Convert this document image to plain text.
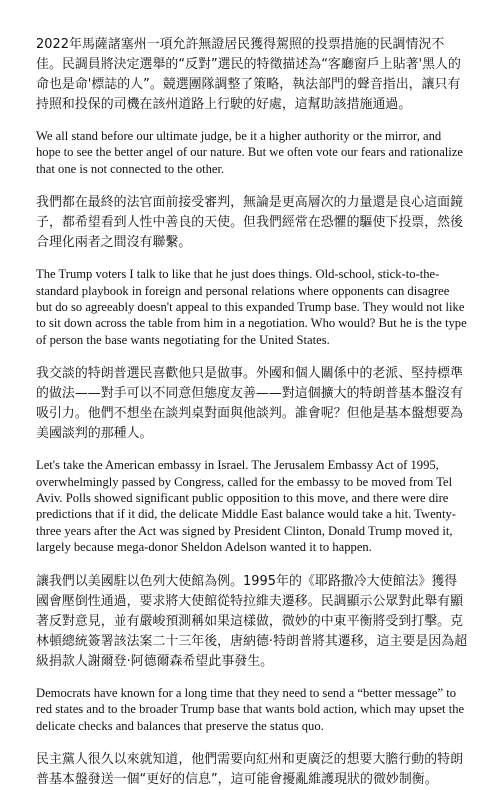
2022年馬薩諸塞州一項允許無證居民獲得駕照的投票措施的民調情況不佳。民調員將決定選舉的“反對”選民的特徵描述為“客廳窗戶上貼著'黑人的命也是命'標誌的人”。競選團隊調整了策略，執法部門的聲音指出，讓只有持照和投保的司機在該州道路上行駛的好處，這幫助該措施通過。

We all stand before our ultimate judge, be it a higher authority or the mirror, and hope to see the better angel of our nature. But we often vote our fears and rationalize that one is not connected to the other.

我們都在最終的法官面前接受審判，無論是更高層次的力量還是良心這面鏡子，都希望看到人性中善良的天使。但我們經常在恐懼的驅使下投票，然後合理化兩者之間沒有聯繫。

The Trump voters I talk to like that he just does things. Old-school, stick-to-the-standard playbook in foreign and personal relations where opponents can disagree but do so agreeably doesn't appeal to this expanded Trump base. They would not like to sit down across the table from him in a negotiation. Who would? But he is the type of person the base wants negotiating for the United States.

我交談的特朗普選民喜歡他只是做事。外國和個人關係中的老派、堅持標準的做法——對手可以不同意但態度友善——對這個擴大的特朗普基本盤沒有吸引力。他們不想坐在談判桌對面與他談判。誰會呢？但他是基本盤想要為美國談判的那種人。

Let's take the American embassy in Israel. The Jerusalem Embassy Act of 1995, overwhelmingly passed by Congress, called for the embassy to be moved from Tel Aviv. Polls showed significant public opposition to this move, and there were dire predictions that if it did, the delicate Middle East balance would take a hit. Twenty-three years after the Act was signed by President Clinton, Donald Trump moved it, largely because mega-donor Sheldon Adelson wanted it to happen.

讓我們以美國駐以色列大使館為例。1995年的《耶路撒冷大使館法》獲得國會壓倒性通過，要求將大使館從特拉維夫遷移。民調顯示公眾對此舉有顯著反對意見，並有嚴峻預測稱如果這樣做，微妙的中東平衡將受到打擊。克林頓總統簽署該法案二十三年後，唐納德·特朗普將其遷移，這主要是因為超級捐款人謝爾登·阿德爾森希望此事發生。

Democrats have known for a long time that they need to send a “better message” to red states and to the broader Trump base that wants bold action, which may upset the delicate checks and balances that preserve the status quo.

民主黨人很久以來就知道，他們需要向紅州和更廣泛的想要大膽行動的特朗普基本盤發送一個“更好的信息”，這可能會擾亂維護現狀的微妙制衡。
